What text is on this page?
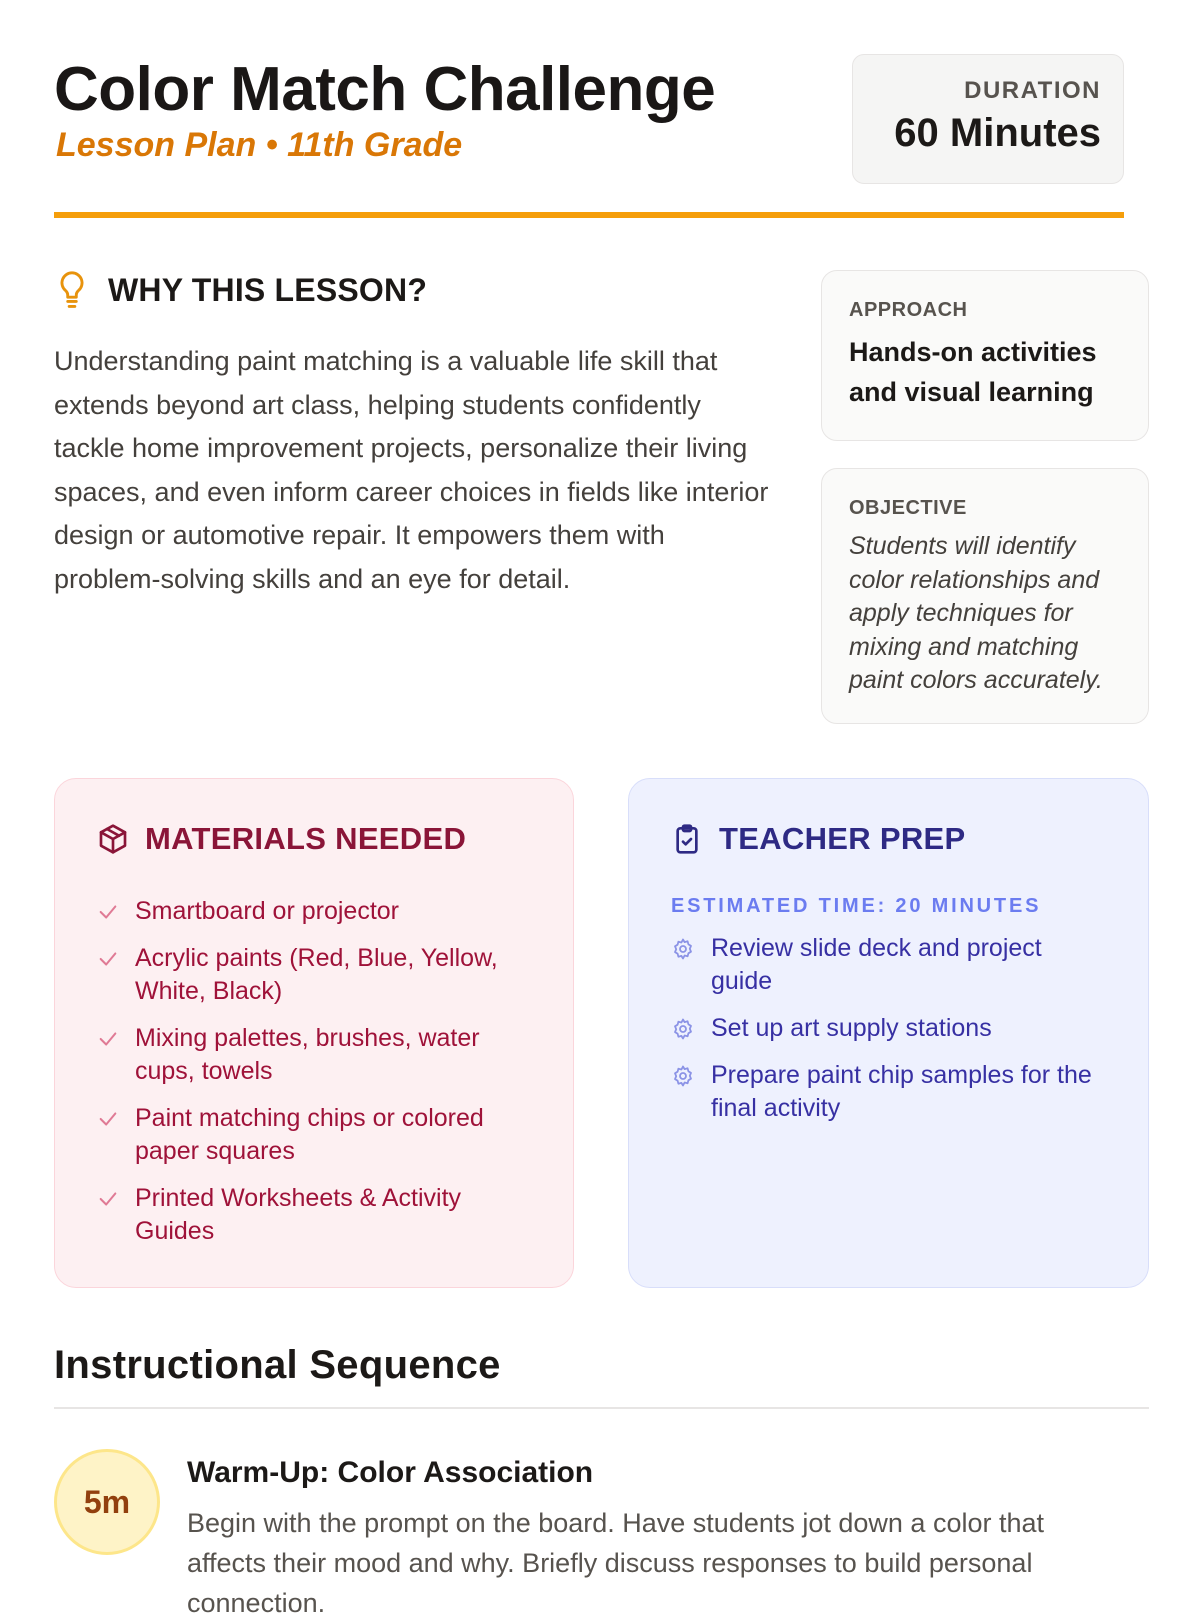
Color Match Challenge
Lesson Plan • 11th Grade
DURATION
60 Minutes
WHY THIS LESSON?

Understanding paint matching is a valuable life skill that extends beyond art class, helping students confidently tackle home improvement projects, personalize their living spaces, and even inform career choices in fields like interior design or automotive repair. It empowers them with problem-solving skills and an eye for detail.

APPROACH
Hands-on activities and visual learning
OBJECTIVE
Students will identify color relationships and apply techniques for mixing and matching paint colors accurately.
MATERIALS NEEDED
Smartboard or projector
Acrylic paints (Red, Blue, Yellow, White, Black)
Mixing palettes, brushes, water cups, towels
Paint matching chips or colored paper squares
Printed Worksheets & Activity Guides
TEACHER PREP
ESTIMATED TIME: 20 MINUTES
Review slide deck and project guide
Set up art supply stations
Prepare paint chip samples for the final activity
Instructional Sequence
5m
Warm-Up: Color Association
Begin with the prompt on the board. Have students jot down a color that affects their mood and why. Briefly discuss responses to build personal connection.
